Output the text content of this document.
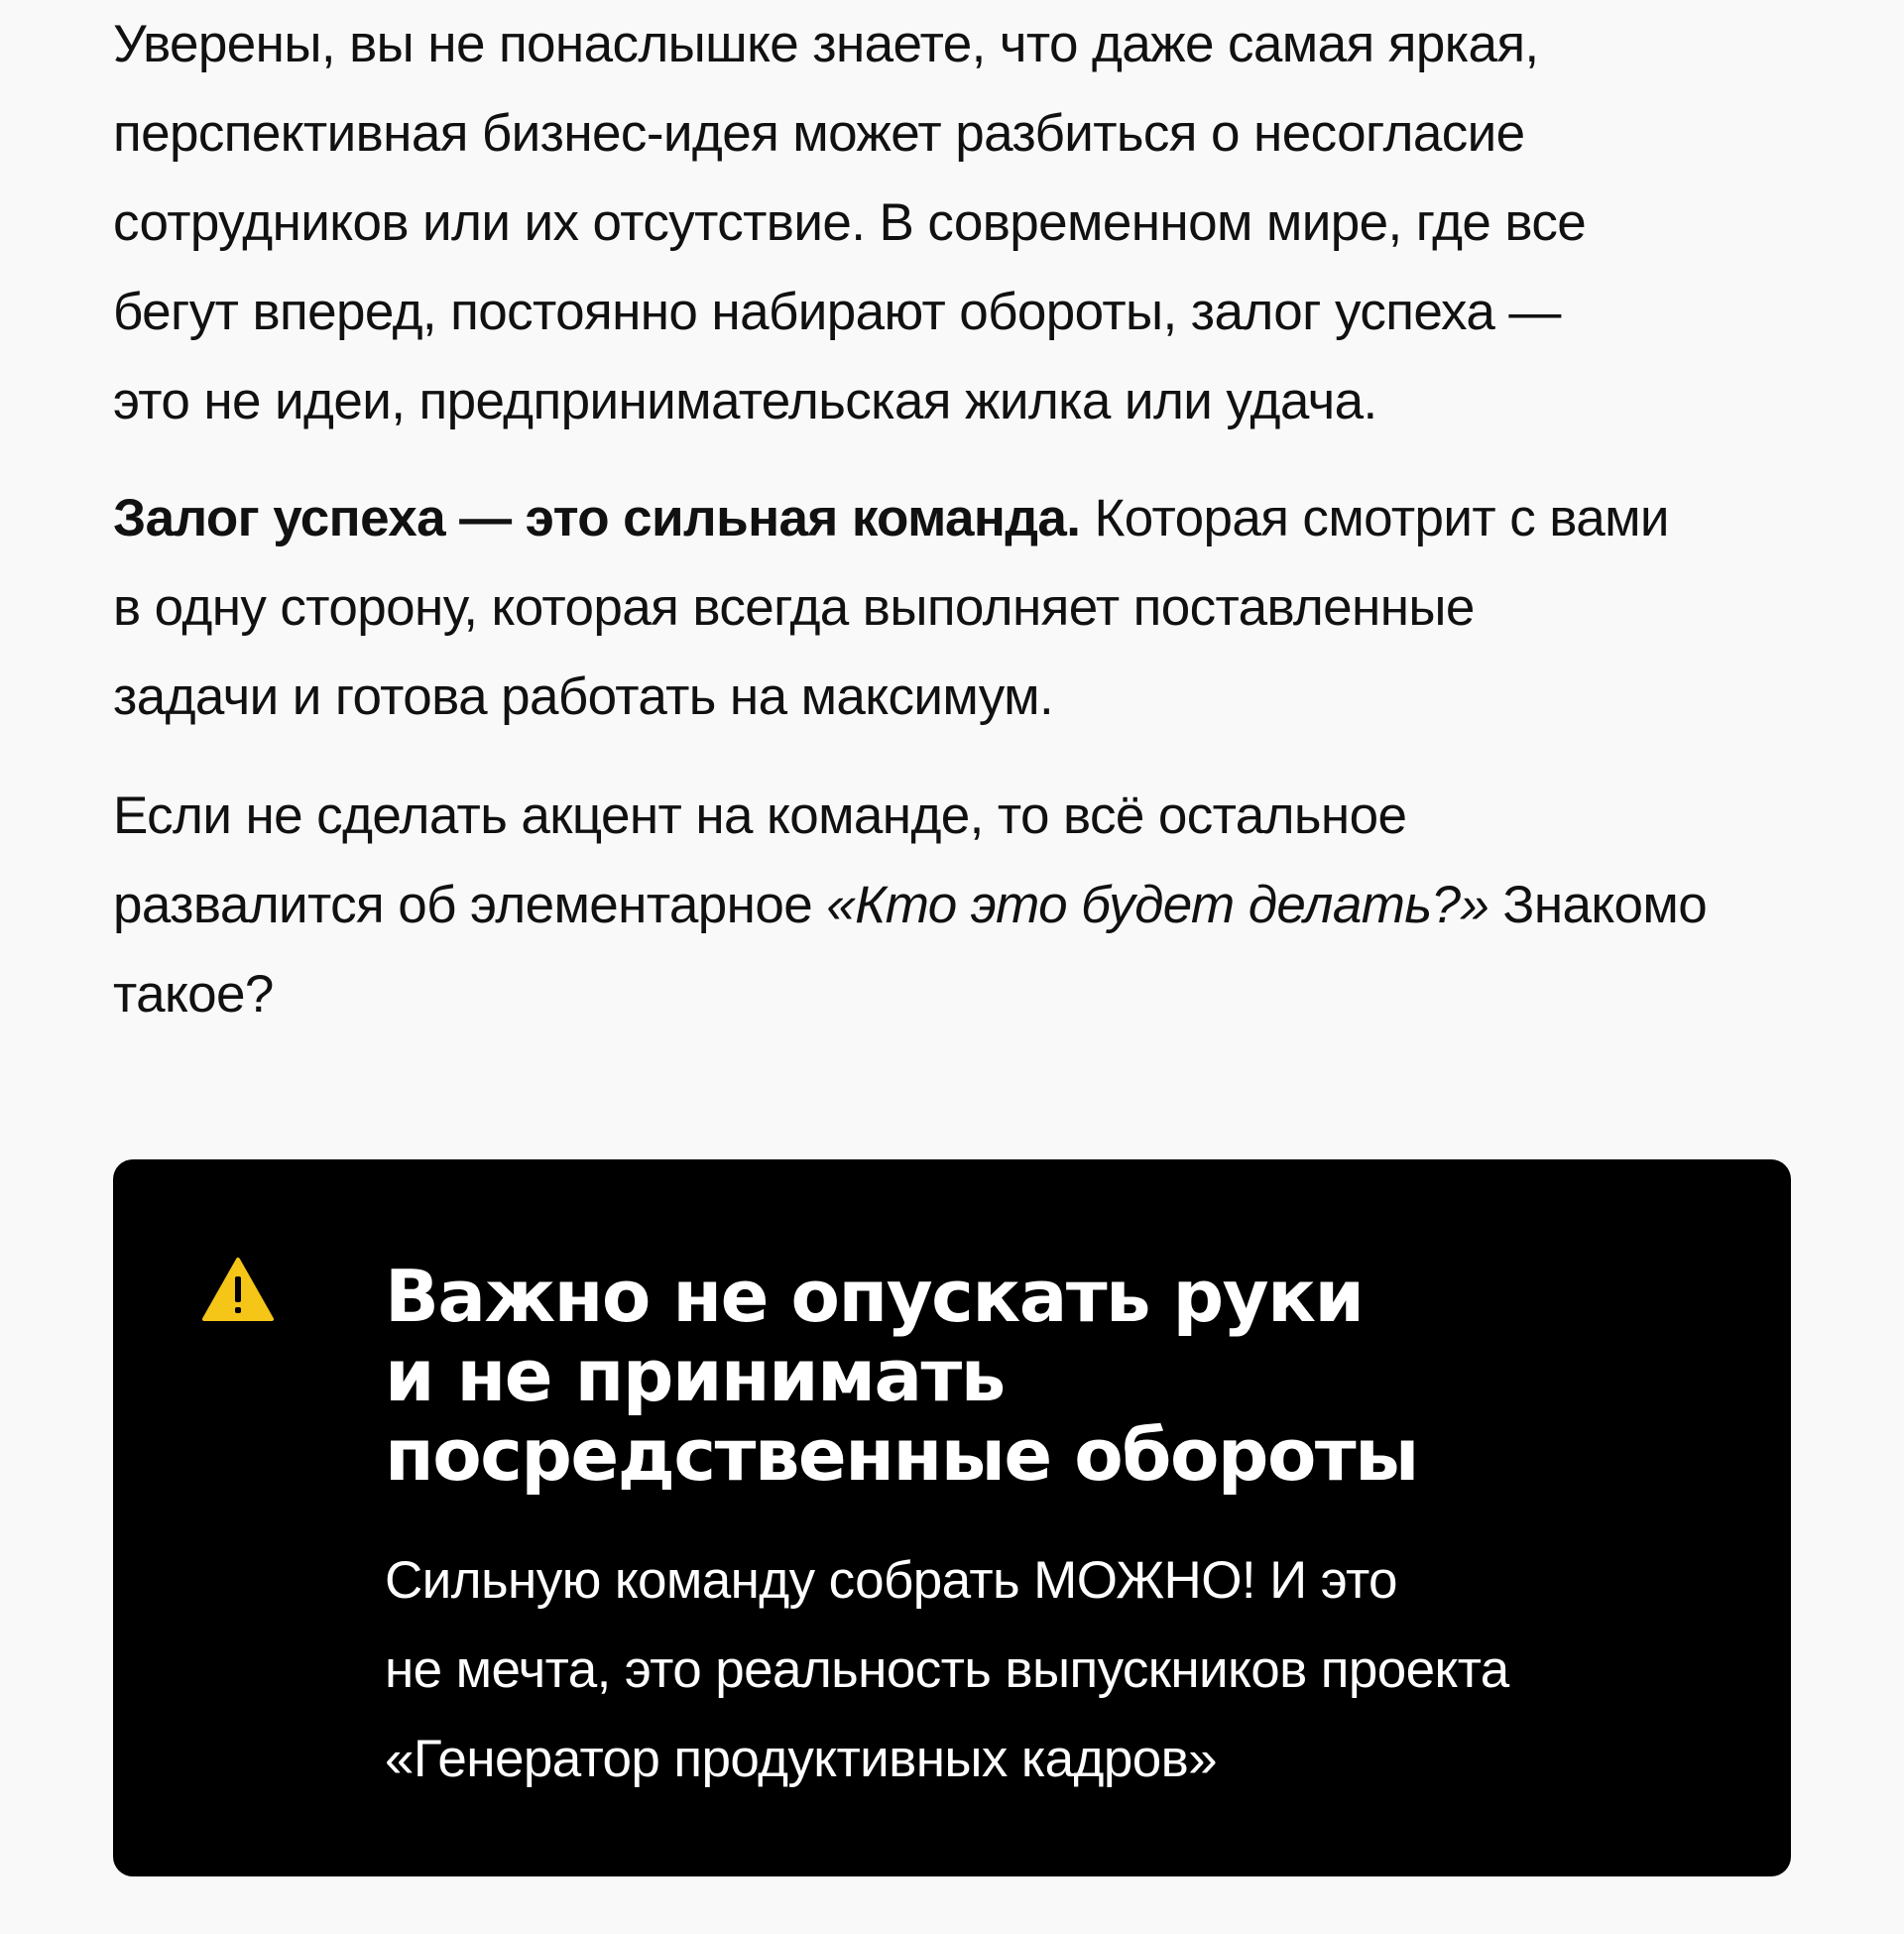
Уверены, вы не понаслышке знаете, что даже самая яркая,
перспективная бизнес-идея может разбиться о несогласие
сотрудников или их отсутствие. В современном мире, где все
бегут вперед, постоянно набирают обороты, залог успеха —
это не идеи, предпринимательская жилка или удача.

Залог успеха — это сильная команда. Которая смотрит с вами
в одну сторону, которая всегда выполняет поставленные
задачи и готова работать на максимум.

Если не сделать акцент на команде, то всё остальное
развалится об элементарное «Кто это будет делать?» Знакомо
такое?

Важно не опускать руки
и не принимать
посредственные обороты

Сильную команду собрать МОЖНО! И это
не мечта, это реальность выпускников проекта
«Генератор продуктивных кадров»
